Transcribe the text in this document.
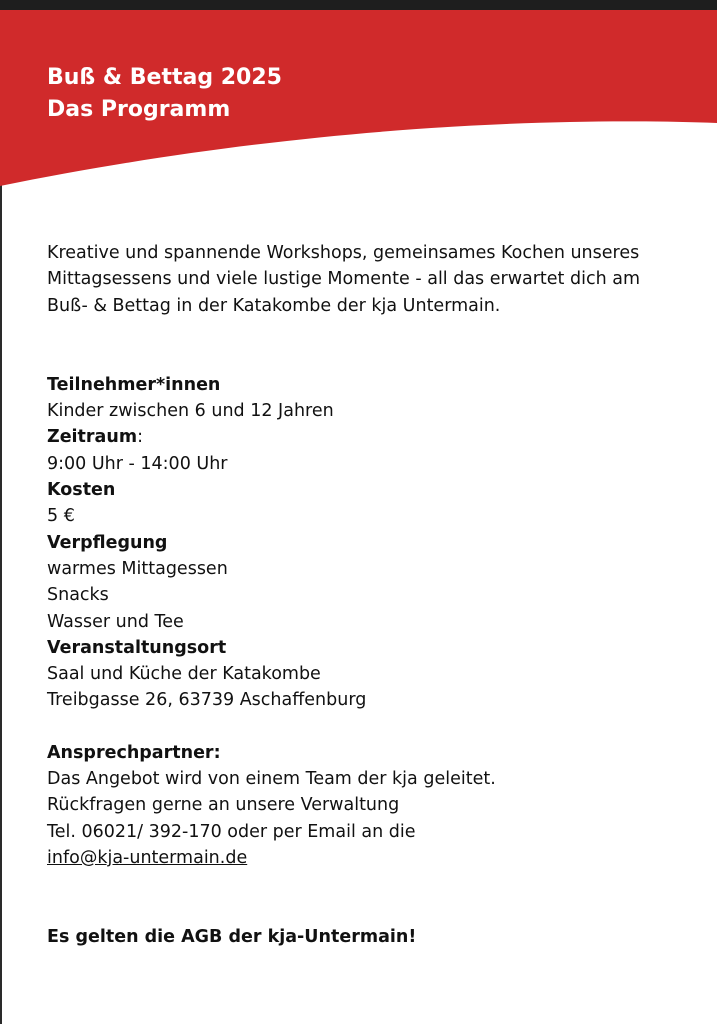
Buß & Bettag 2025
Das Programm

Kreative und spannende Workshops, gemeinsames Kochen unseres Mittagsessens und viele lustige Momente - all das erwartet dich am Buß- & Bettag in der Katakombe der kja Untermain.

Teilnehmer*innen
Kinder zwischen 6 und 12 Jahren
Zeitraum:
9:00 Uhr - 14:00 Uhr
Kosten
5 €
Verpflegung
warmes Mittagessen
Snacks
Wasser und Tee
Veranstaltungsort
Saal und Küche der Katakombe
Treibgasse 26, 63739 Aschaffenburg
Ansprechpartner:
Das Angebot wird von einem Team der kja geleitet.
Rückfragen gerne an unsere Verwaltung
Tel. 06021/ 392-170 oder per Email an die
info@kja-untermain.de
Es gelten die AGB der kja-Untermain!
